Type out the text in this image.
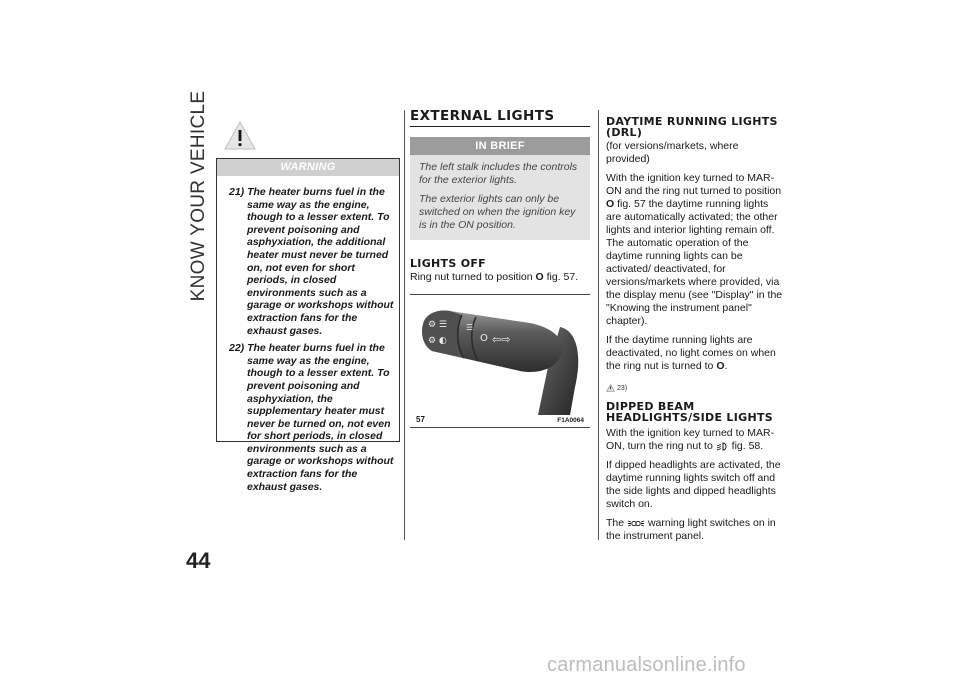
KNOW YOUR VEHICLE
44
WARNING
21) The heater burns fuel in the same way as the engine, though to a lesser extent. To prevent poisoning and asphyxiation, the additional heater must never be turned on, not even for short periods, in closed environments such as a garage or workshops without extraction fans for the exhaust gases.
22) The heater burns fuel in the same way as the engine, though to a lesser extent. To prevent poisoning and asphyxiation, the supplementary heater must never be turned on, not even for short periods, in closed environments such as a garage or workshops without extraction fans for the exhaust gases.
EXTERNAL LIGHTS
IN BRIEF

The left stalk includes the controls for the exterior lights.

The exterior lights can only be switched on when the ignition key is in the ON position.

LIGHTS OFF

Ring nut turned to position O fig. 57.

⚙ ☰
⚙ ◐
☰
O ⇦⇨
57	F1A0064
DAYTIME RUNNING LIGHTS (DRL)

(for versions/markets, where provided)

With the ignition key turned to MAR-ON and the ring nut turned to position O fig. 57 the daytime running lights are automatically activated; the other lights and interior lighting remain off. The automatic operation of the daytime running lights can be activated/ deactivated, for versions/markets where provided, via the display menu (see "Display" in the "Knowing the instrument panel" chapter).

If the daytime running lights are deactivated, no light comes on when the ring nut is turned to O.

23)
DIPPED BEAM HEADLIGHTS/SIDE LIGHTS

With the ignition key turned to MAR-ON, turn the ring nut to fig. 58.

If dipped headlights are activated, the daytime running lights switch off and the side lights and dipped headlights switch on.

The warning light switches on in the instrument panel.

carmanualsonline.info
